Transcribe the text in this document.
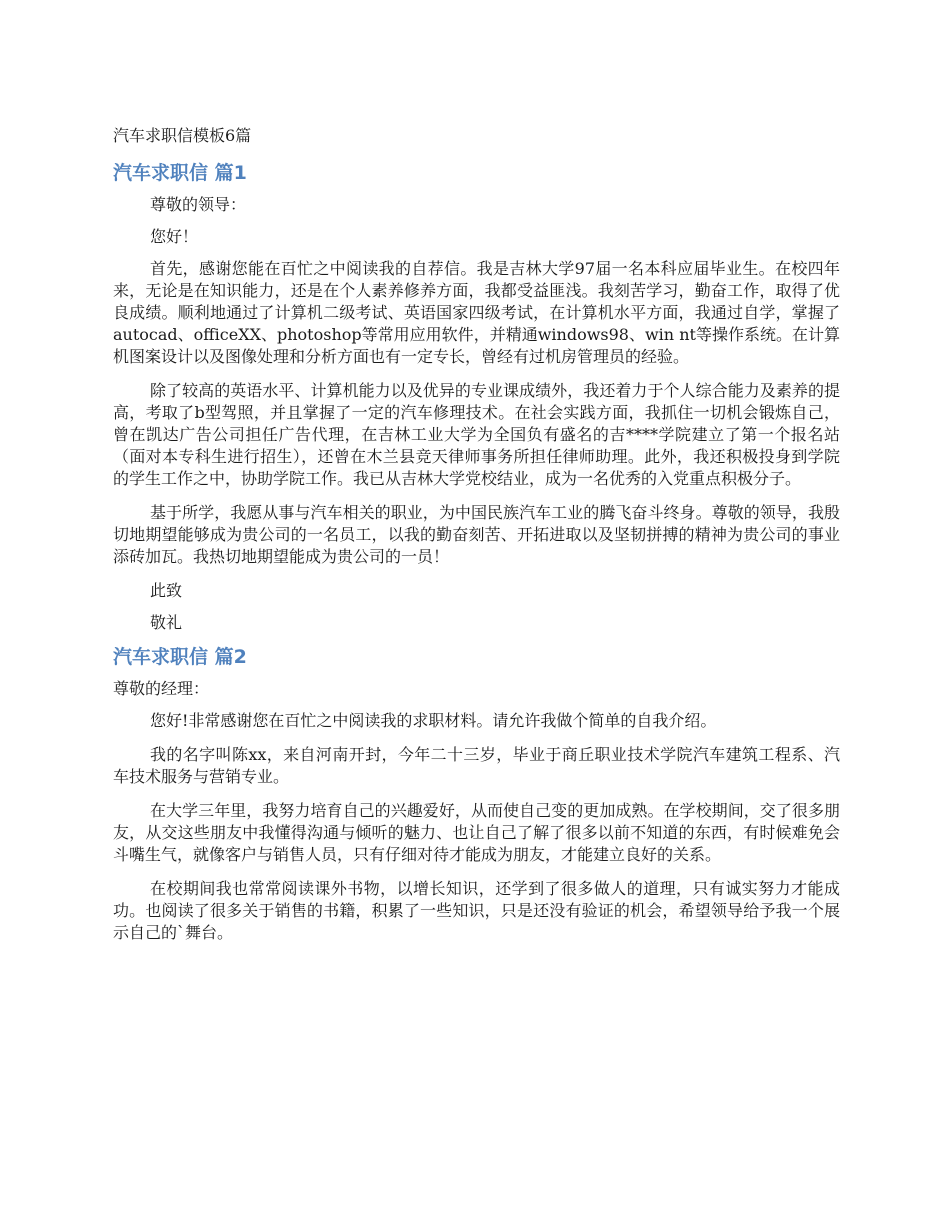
汽车求职信模板6篇
汽车求职信 篇1

尊敬的领导：

您好！

首先，感谢您能在百忙之中阅读我的自荐信。我是吉林大学97届一名本科应届毕业生。在校四年来，无论是在知识能力，还是在个人素养修养方面，我都受益匪浅。我刻苦学习，勤奋工作，取得了优良成绩。顺利地通过了计算机二级考试、英语国家四级考试，在计算机水平方面，我通过自学，掌握了autocad、officeXX、photoshop等常用应用软件，并精通windows98、win nt等操作系统。在计算机图案设计以及图像处理和分析方面也有一定专长，曾经有过机房管理员的经验。

除了较高的英语水平、计算机能力以及优异的专业课成绩外，我还着力于个人综合能力及素养的提高，考取了b型驾照，并且掌握了一定的汽车修理技术。在社会实践方面，我抓住一切机会锻炼自己，曾在凯达广告公司担任广告代理，在吉林工业大学为全国负有盛名的吉****学院建立了第一个报名站（面对本专科生进行招生），还曾在木兰县竞天律师事务所担任律师助理。此外，我还积极投身到学院的学生工作之中，协助学院工作。我已从吉林大学党校结业，成为一名优秀的入党重点积极分子。

基于所学，我愿从事与汽车相关的职业，为中国民族汽车工业的腾飞奋斗终身。尊敬的领导，我殷切地期望能够成为贵公司的一名员工，以我的勤奋刻苦、开拓进取以及坚韧拼搏的精神为贵公司的事业添砖加瓦。我热切地期望能成为贵公司的一员！

此致

敬礼

汽车求职信 篇2

尊敬的经理：

您好!非常感谢您在百忙之中阅读我的求职材料。请允许我做个简单的自我介绍。

我的名字叫陈xx，来自河南开封，今年二十三岁，毕业于商丘职业技术学院汽车建筑工程系、汽车技术服务与营销专业。

在大学三年里，我努力培育自己的兴趣爱好，从而使自己变的更加成熟。在学校期间，交了很多朋友，从交这些朋友中我懂得沟通与倾听的魅力、也让自己了解了很多以前不知道的东西，有时候难免会斗嘴生气，就像客户与销售人员，只有仔细对待才能成为朋友，才能建立良好的关系。

在校期间我也常常阅读课外书物，以增长知识，还学到了很多做人的道理，只有诚实努力才能成功。也阅读了很多关于销售的书籍，积累了一些知识，只是还没有验证的机会，希望领导给予我一个展示自己的`舞台。
